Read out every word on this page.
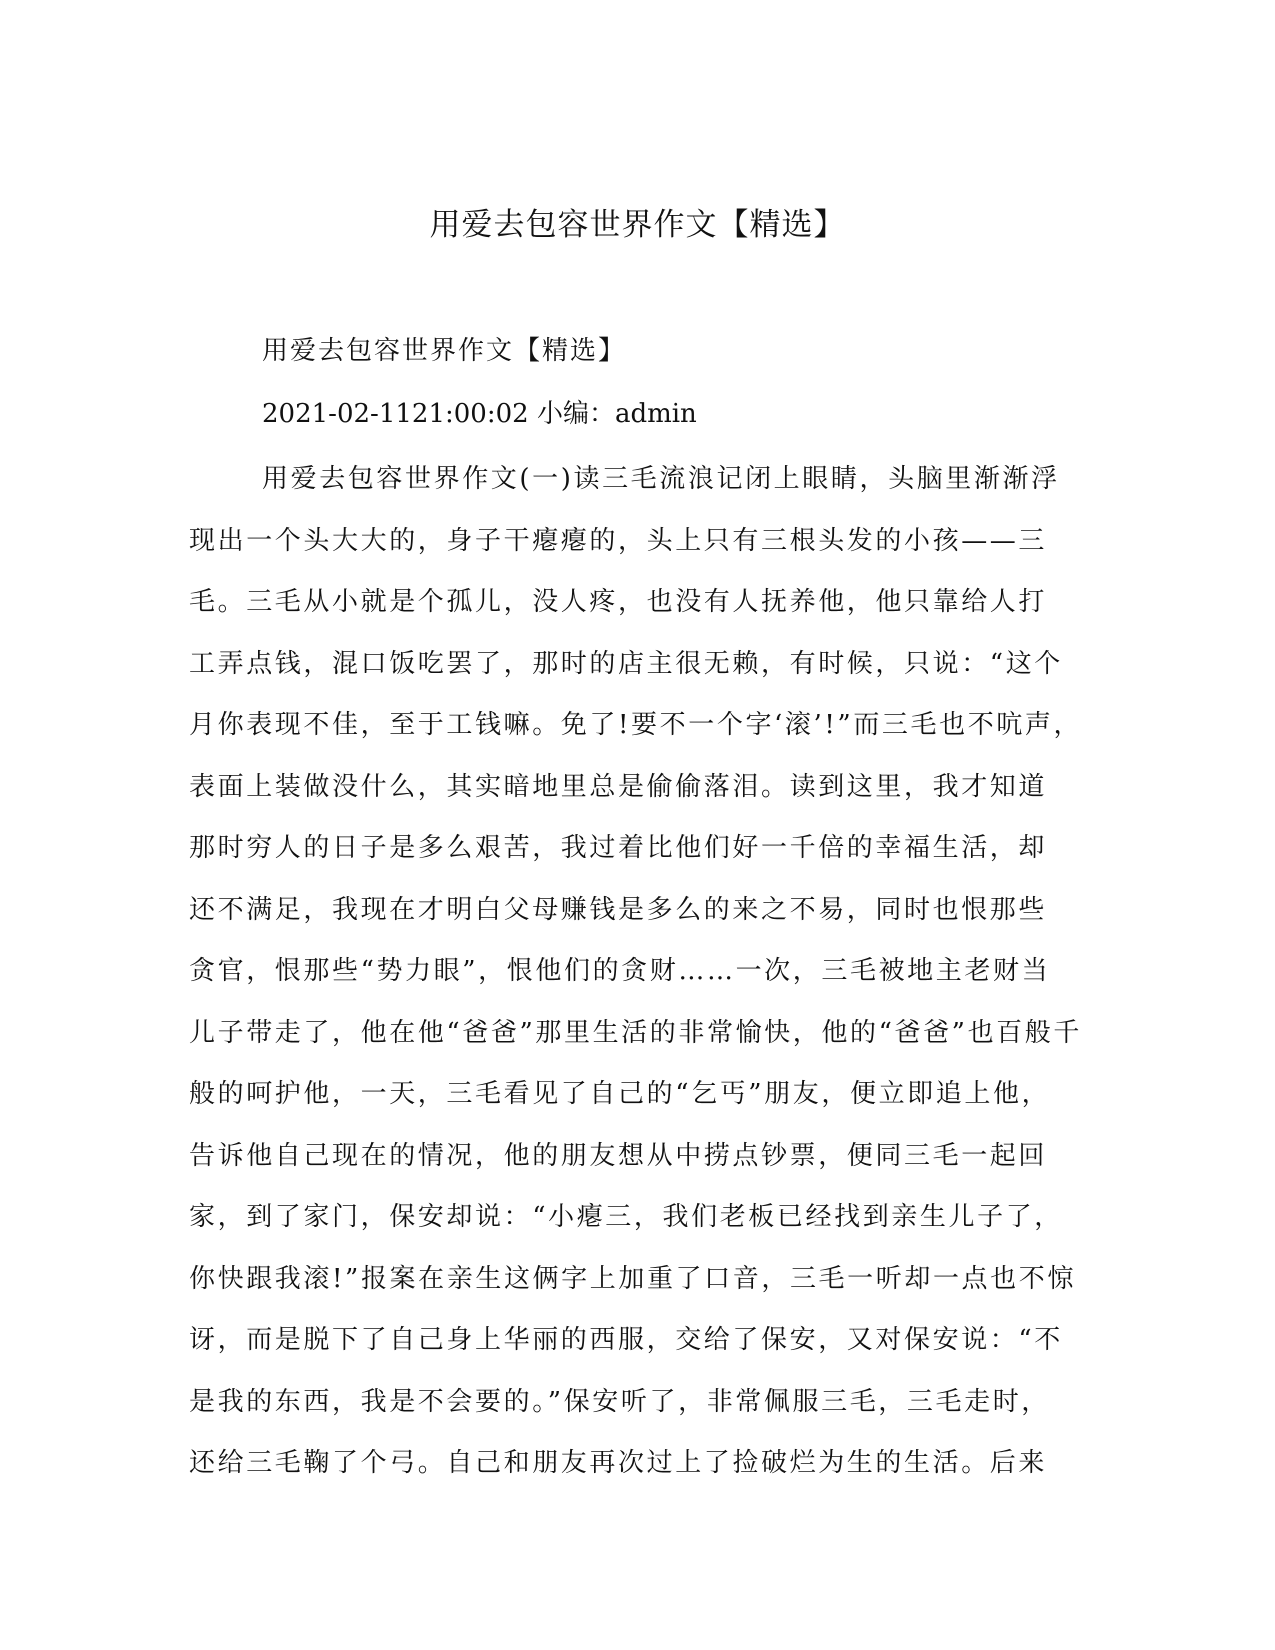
用爱去包容世界作文【精选】

用爱去包容世界作文【精选】

2021-02-1121:00:02 小编：admin

用爱去包容世界作文(一)读三毛流浪记闭上眼睛，头脑里渐渐浮
现出一个头大大的，身子干瘪瘪的，头上只有三根头发的小孩——三
毛。三毛从小就是个孤儿，没人疼，也没有人抚养他，他只靠给人打
工弄点钱，混口饭吃罢了，那时的店主很无赖，有时候，只说：“这个
月你表现不佳，至于工钱嘛。免了!要不一个字‘滚’!”而三毛也不吭声，
表面上装做没什么，其实暗地里总是偷偷落泪。读到这里，我才知道
那时穷人的日子是多么艰苦，我过着比他们好一千倍的幸福生活，却
还不满足，我现在才明白父母赚钱是多么的来之不易，同时也恨那些
贪官，恨那些“势力眼”，恨他们的贪财……一次，三毛被地主老财当
儿子带走了，他在他“爸爸”那里生活的非常愉快，他的“爸爸”也百般千
般的呵护他，一天，三毛看见了自己的“乞丐”朋友，便立即追上他，
告诉他自己现在的情况，他的朋友想从中捞点钞票，便同三毛一起回
家，到了家门，保安却说：“小瘪三，我们老板已经找到亲生儿子了，
你快跟我滚!”报案在亲生这俩字上加重了口音，三毛一听却一点也不惊
讶，而是脱下了自己身上华丽的西服，交给了保安，又对保安说：“不
是我的东西，我是不会要的。”保安听了，非常佩服三毛，三毛走时，
还给三毛鞠了个弓。自己和朋友再次过上了捡破烂为生的生活。后来
